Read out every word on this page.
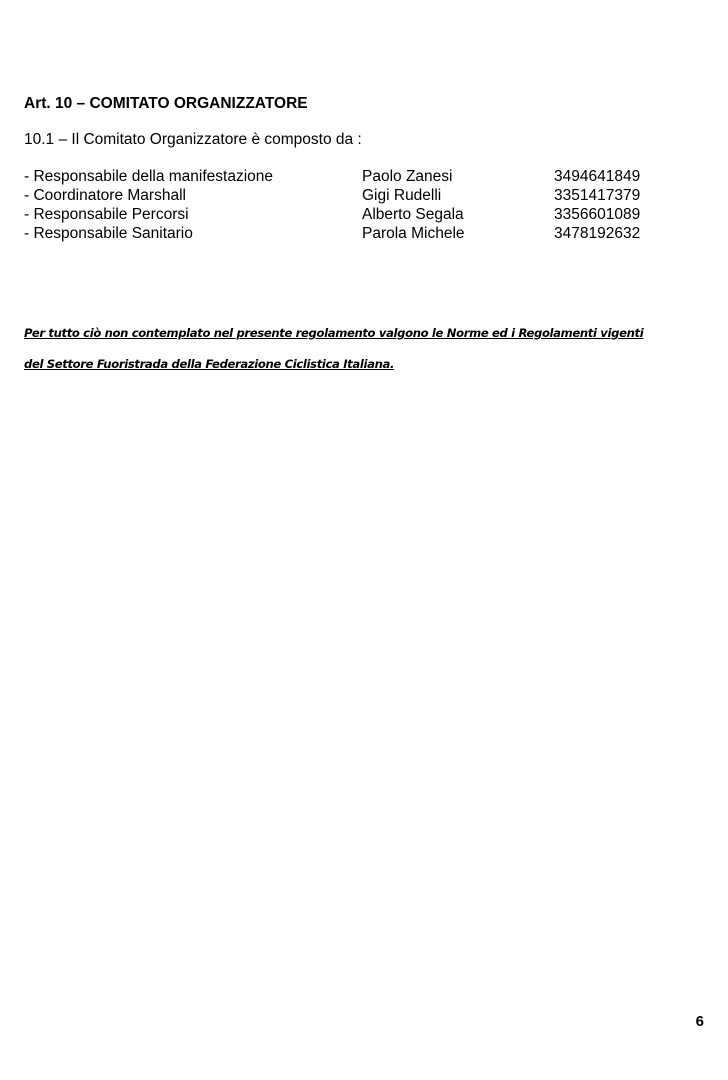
Art. 10 – COMITATO ORGANIZZATORE
10.1 – Il Comitato Organizzatore è composto da :
- Responsabile della manifestazione	Paolo Zanesi	3494641849
- Coordinatore Marshall	Gigi Rudelli	3351417379
- Responsabile Percorsi	Alberto Segala	3356601089
- Responsabile Sanitario	Parola Michele	3478192632
Per tutto ciò non contemplato nel presente regolamento valgono le Norme ed i Regolamenti vigenti
del Settore Fuoristrada della Federazione Ciclistica Italiana.
6
